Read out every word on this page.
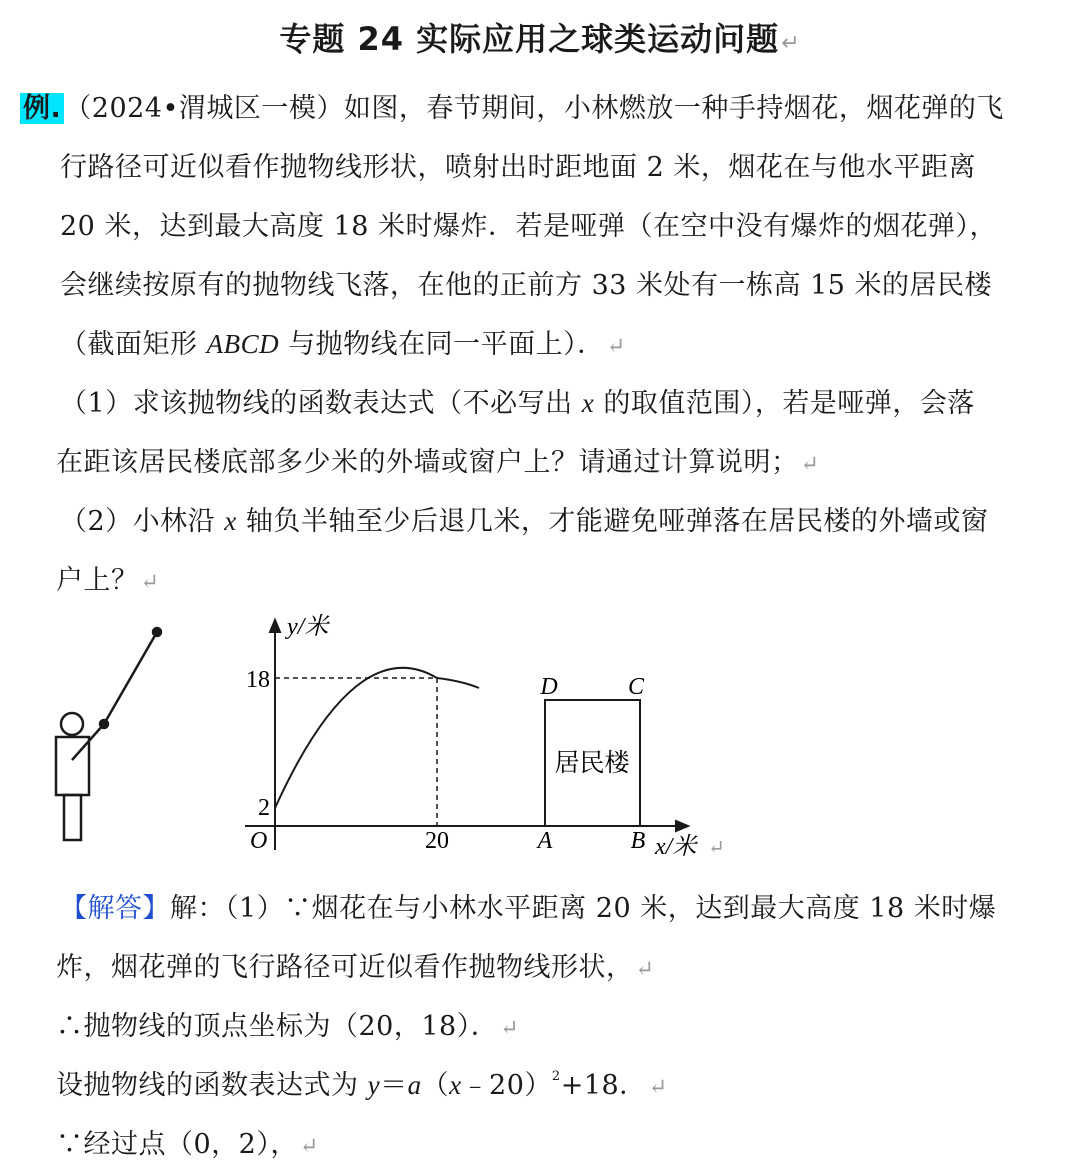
专题 24 实际应用之球类运动问题↵
例. （2024•渭城区一模）如图，春节期间，小林燃放一种手持烟花，烟花弹的飞
行路径可近似看作抛物线形状，喷射出时距地面 2 米，烟花在与他水平距离
20 米，达到最大高度 18 米时爆炸．若是哑弹（在空中没有爆炸的烟花弹），
会继续按原有的抛物线飞落，在他的正前方 33 米处有一栋高 15 米的居民楼
（截面矩形 ABCD 与抛物线在同一平面上）．↵
（1）求该抛物线的函数表达式（不必写出 x 的取值范围），若是哑弹，会落
在距该居民楼底部多少米的外墙或窗户上？请通过计算说明；↵
（2）小林沿 x 轴负半轴至少后退几米，才能避免哑弹落在居民楼的外墙或窗
户上？↵
y/米
18
2
O	20	A	B
D	C
居民楼
x/米 ↵
【解答】解：（1）∵烟花在与小林水平距离 20 米，达到最大高度 18 米时爆
炸，烟花弹的飞行路径可近似看作抛物线形状，↵
∴抛物线的顶点坐标为（20，18）．↵
设抛物线的函数表达式为 y＝a（x﹣20）$^2$+18．↵
∵经过点（0，2），↵
